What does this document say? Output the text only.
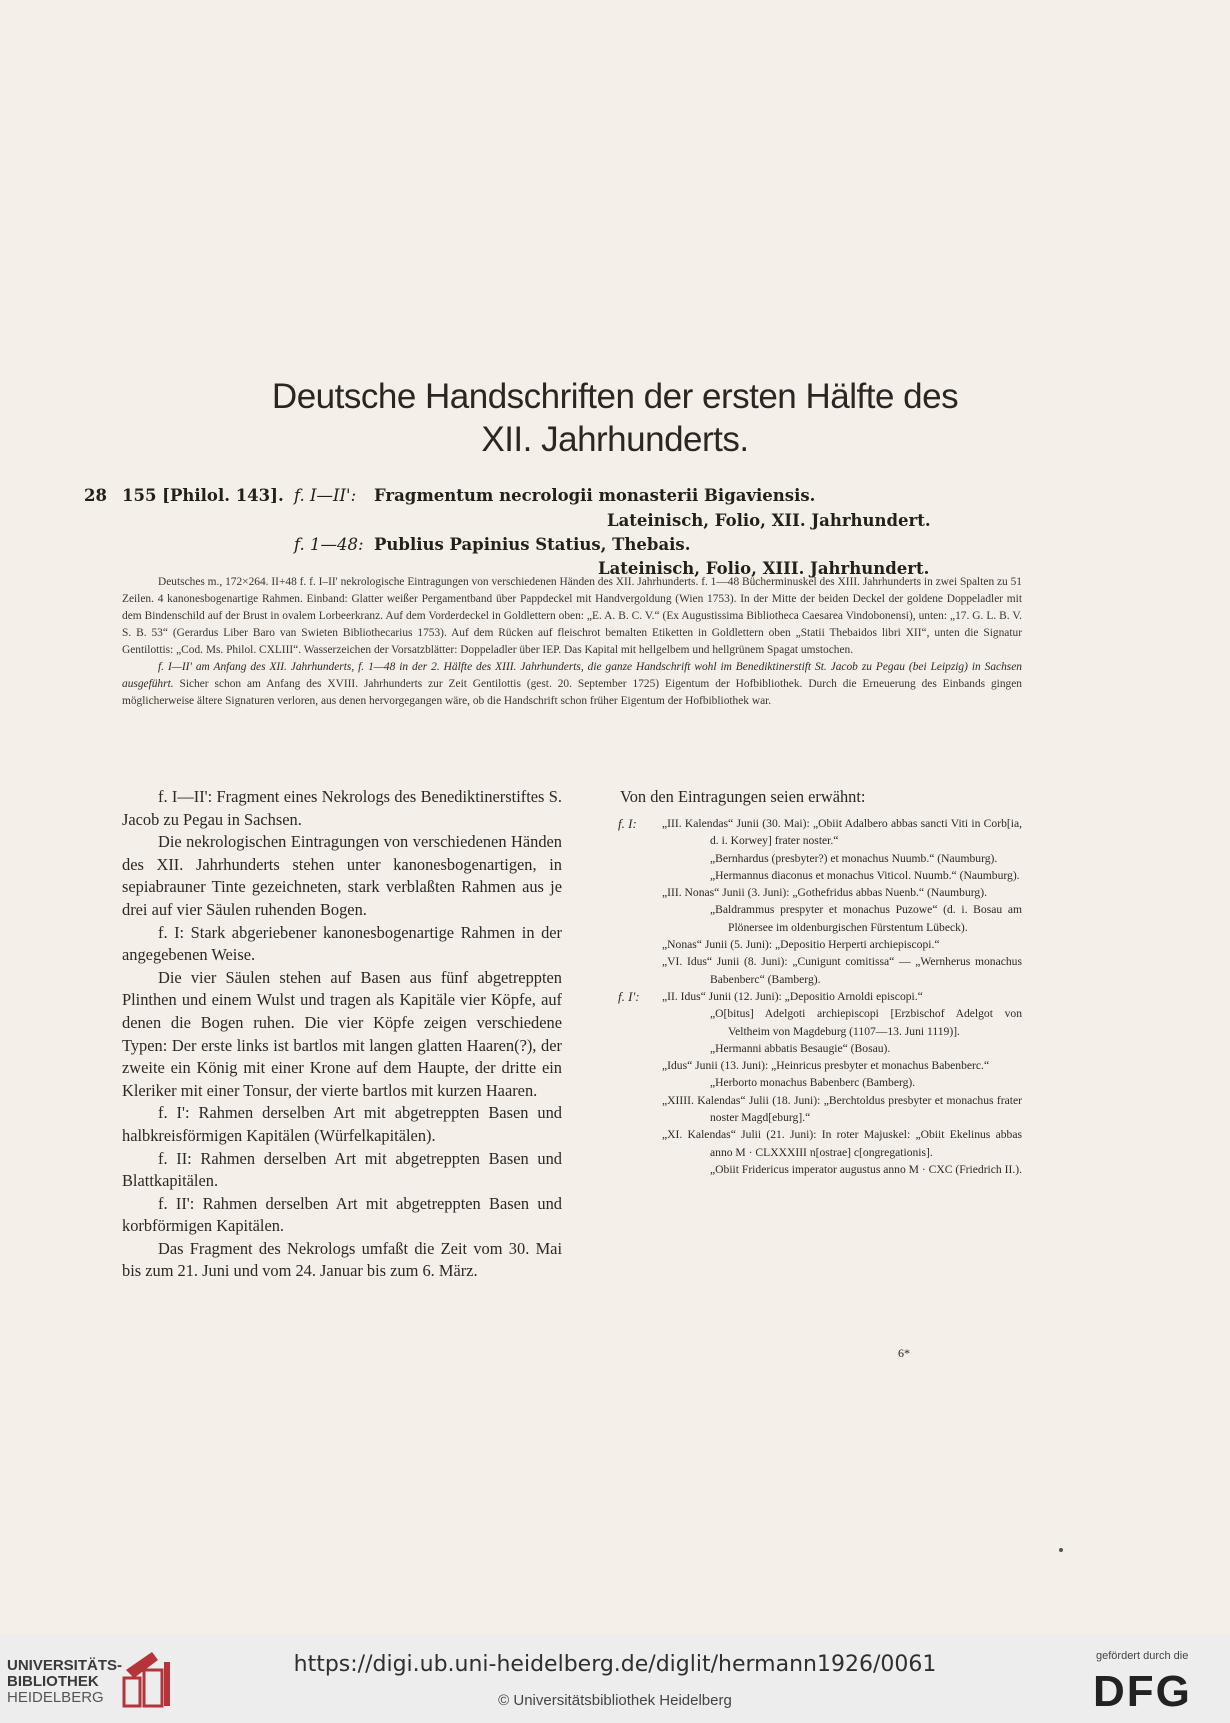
Deutsche Handschriften der ersten Hälfte des
XII. Jahrhunderts.
28 155 [Philol. 143]. f. I—II': Fragmentum necrologii monasterii Bigaviensis.
Lateinisch, Folio, XII. Jahrhundert.
f. 1—48: Publius Papinius Statius, Thebais.
Lateinisch, Folio, XIII. Jahrhundert.

Deutsches m., 172×264. II+48 f. f. I–II' nekrologische Eintragungen von verschiedenen Händen des XII. Jahrhunderts. f. 1—48 Bücherminuskel des XIII. Jahrhunderts in zwei Spalten zu 51 Zeilen. 4 kanonesbogenartige Rahmen. Einband: Glatter weißer Pergamentband über Pappdeckel mit Handvergoldung (Wien 1753). In der Mitte der beiden Deckel der goldene Doppeladler mit dem Bindenschild auf der Brust in ovalem Lorbeerkranz. Auf dem Vorderdeckel in Goldlettern oben: „E. A. B. C. V.“ (Ex Augustissima Bibliotheca Caesarea Vindobonensi), unten: „17. G. L. B. V. S. B. 53“ (Gerardus Liber Baro van Swieten Bibliothecarius 1753). Auf dem Rücken auf fleischrot bemalten Etiketten in Goldlettern oben „Statii Thebaidos libri XII“, unten die Signatur Gentilottis: „Cod. Ms. Philol. CXLIII“. Wasserzeichen der Vorsatzblätter: Doppeladler über IEP. Das Kapital mit hellgelbem und hellgrünem Spagat umstochen.

f. I—II' am Anfang des XII. Jahrhunderts, f. 1—48 in der 2. Hälfte des XIII. Jahrhunderts, die ganze Handschrift wohl im Benediktinerstift St. Jacob zu Pegau (bei Leipzig) in Sachsen ausgeführt. Sicher schon am Anfang des XVIII. Jahrhunderts zur Zeit Gentilottis (gest. 20. September 1725) Eigentum der Hofbibliothek. Durch die Erneuerung des Einbands gingen möglicherweise ältere Signaturen verloren, aus denen hervorgegangen wäre, ob die Handschrift schon früher Eigentum der Hofbibliothek war.

f. I—II': Fragment eines Nekrologs des Benediktinerstiftes S. Jacob zu Pegau in Sachsen.

Die nekrologischen Eintragungen von verschiedenen Händen des XII. Jahrhunderts stehen unter kanonesbogenartigen, in sepiabrauner Tinte gezeichneten, stark verblaßten Rahmen aus je drei auf vier Säulen ruhenden Bogen.

f. I: Stark abgeriebener kanonesbogenartige Rahmen in der angegebenen Weise.

Die vier Säulen stehen auf Basen aus fünf abgetreppten Plinthen und einem Wulst und tragen als Kapitäle vier Köpfe, auf denen die Bogen ruhen. Die vier Köpfe zeigen verschiedene Typen: Der erste links ist bartlos mit langen glatten Haaren(?), der zweite ein König mit einer Krone auf dem Haupte, der dritte ein Kleriker mit einer Tonsur, der vierte bartlos mit kurzen Haaren.

f. I': Rahmen derselben Art mit abgetreppten Basen und halbkreisförmigen Kapitälen (Würfelkapitälen).

f. II: Rahmen derselben Art mit abgetreppten Basen und Blattkapitälen.

f. II': Rahmen derselben Art mit abgetreppten Basen und korbförmigen Kapitälen.

Das Fragment des Nekrologs umfaßt die Zeit vom 30. Mai bis zum 21. Juni und vom 24. Januar bis zum 6. März.

Von den Eintragungen seien erwähnt:
f. I: „III. Kalendas“ Junii (30. Mai): „Obiit Adalbero abbas sancti Viti in Corb[ia, d. i. Korwey] frater noster.“
„Bernhardus (presbyter?) et monachus Nuumb.“ (Naumburg).
„Hermannus diaconus et monachus Viticol. Nuumb.“ (Naumburg).
„III. Nonas“ Junii (3. Juni): „Gothefridus abbas Nuenb.“ (Naumburg).
„Baldrammus prespyter et monachus Puzowe“ (d. i. Bosau am Plönersee im oldenburgischen Fürstentum Lübeck).
„Nonas“ Junii (5. Juni): „Depositio Herperti archiepiscopi.“
„VI. Idus“ Junii (8. Juni): „Cunigunt comitissa“ — „Wernherus monachus Babenberc“ (Bamberg).
f. I': „II. Idus“ Junii (12. Juni): „Depositio Arnoldi episcopi.“
„O[bitus] Adelgoti archiepiscopi [Erzbischof Adelgot von Veltheim von Magdeburg (1107—13. Juni 1119)].
„Hermanni abbatis Besaugie“ (Bosau).
„Idus“ Junii (13. Juni): „Heinricus presbyter et monachus Babenberc.“
„Herborto monachus Babenberc (Bamberg).
„XIIII. Kalendas“ Julii (18. Juni): „Berchtoldus presbyter et monachus frater noster Magd[eburg].“
„XI. Kalendas“ Julii (21. Juni): In roter Majuskel: „Obiit Ekelinus abbas anno M · CLXXXIII n[ostrae] c[ongregationis].
„Obiit Fridericus imperator augustus anno M · CXC (Friedrich II.).
6*
UNIVERSITÄTS-
BIBLIOTHEK
HEIDELBERG
https://digi.ub.uni-heidelberg.de/diglit/hermann1926/0061
© Universitätsbibliothek Heidelberg
gefördert durch die
DFG
